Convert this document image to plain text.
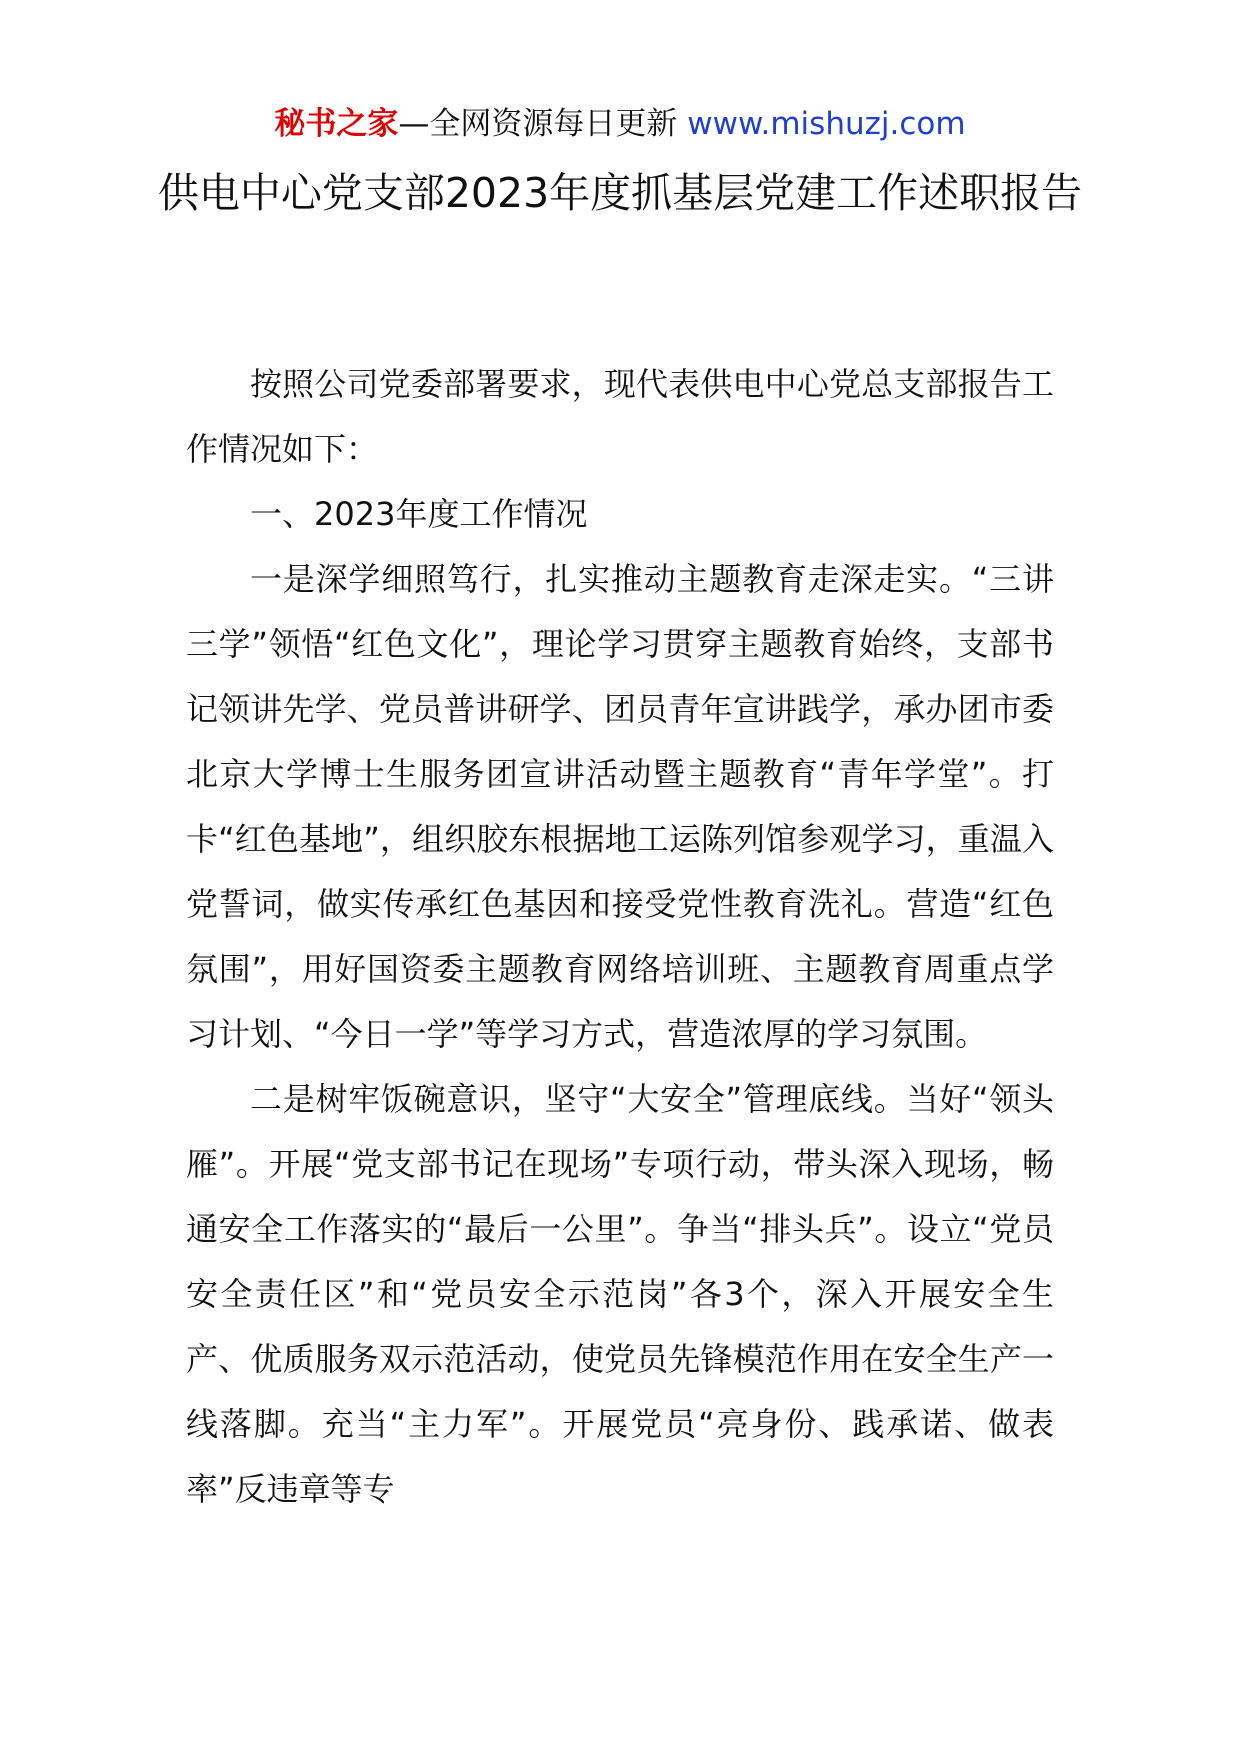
秘书之家—全网资源每日更新 www.mishuzj.com
供电中心党支部2023年度抓基层党建工作述职报告

按照公司党委部署要求，现代表供电中心党总支部报告工作情况如下：

一、2023年度工作情况

一是深学细照笃行，扎实推动主题教育走深走实。“三讲三学”领悟“红色文化”，理论学习贯穿主题教育始终，支部书记领讲先学、党员普讲研学、团员青年宣讲践学，承办团市委北京大学博士生服务团宣讲活动暨主题教育“青年学堂”。打卡“红色基地”，组织胶东根据地工运陈列馆参观学习，重温入党誓词，做实传承红色基因和接受党性教育洗礼。营造“红色氛围”，用好国资委主题教育网络培训班、主题教育周重点学习计划、“今日一学”等学习方式，营造浓厚的学习氛围。

二是树牢饭碗意识，坚守“大安全”管理底线。当好“领头雁”。开展“党支部书记在现场”专项行动，带头深入现场，畅通安全工作落实的“最后一公里”。争当“排头兵”。设立“党员安全责任区”和“党员安全示范岗”各3个，深入开展安全生产、优质服务双示范活动，使党员先锋模范作用在安全生产一线落脚。充当“主力军”。开展党员“亮身份、践承诺、做表率”反违章等专
